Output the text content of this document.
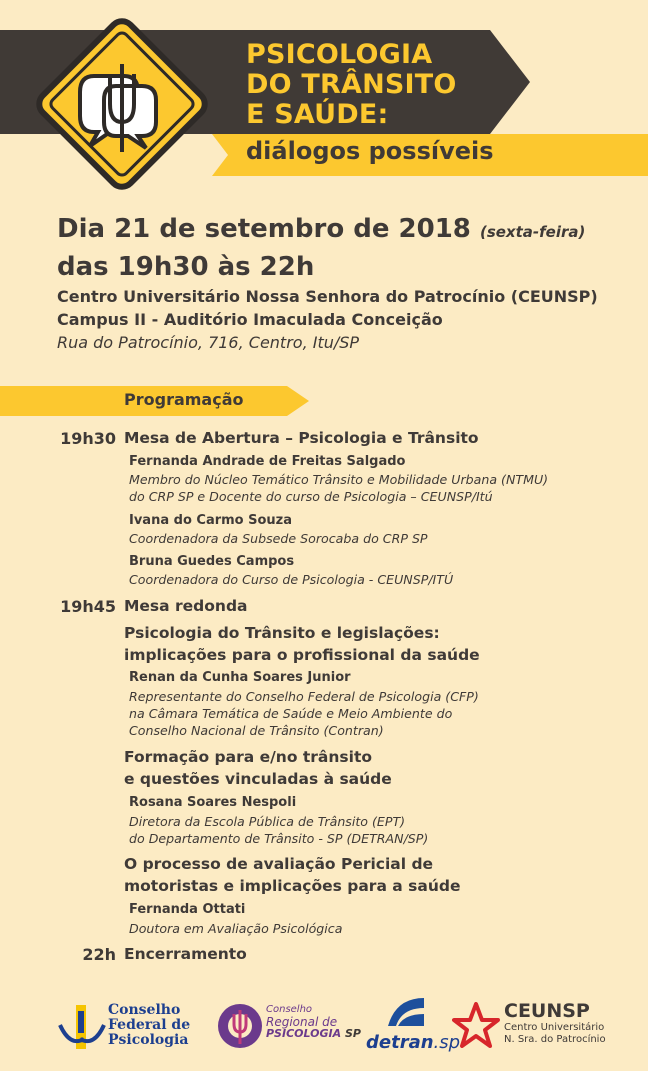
PSICOLOGIA
DO TRÂNSITO
E SAÚDE:
diálogos possíveis
Dia 21 de setembro de 2018 (sexta-feira)
das 19h30 às 22h
Centro Universitário Nossa Senhora do Patrocínio (CEUNSP)
Campus II - Auditório Imaculada Conceição
Rua do Patrocínio, 716, Centro, Itu/SP
Programação
19h30 Mesa de Abertura – Psicologia e Trânsito
Fernanda Andrade de Freitas Salgado
Membro do Núcleo Temático Trânsito e Mobilidade Urbana (NTMU)
do CRP SP e Docente do curso de Psicologia – CEUNSP/Itú
Ivana do Carmo Souza
Coordenadora da Subsede Sorocaba do CRP SP
Bruna Guedes Campos
Coordenadora do Curso de Psicologia - CEUNSP/ITÚ
19h45 Mesa redonda
Psicologia do Trânsito e legislações:
implicações para o profissional da saúde
Renan da Cunha Soares Junior
Representante do Conselho Federal de Psicologia (CFP)
na Câmara Temática de Saúde e Meio Ambiente do
Conselho Nacional de Trânsito (Contran)
Formação para e/no trânsito
e questões vinculadas à saúde
Rosana Soares Nespoli
Diretora da Escola Pública de Trânsito (EPT)
do Departamento de Trânsito - SP (DETRAN/SP)
O processo de avaliação Pericial de
motoristas e implicações para a saúde
Fernanda Ottati
Doutora em Avaliação Psicológica
22h Encerramento
Conselho
Federal de
Psicologia
Conselho
Regional de
PSICOLOGIA SP detran.sp
CEUNSP
Centro Universitário
N. Sra. do Patrocínio
